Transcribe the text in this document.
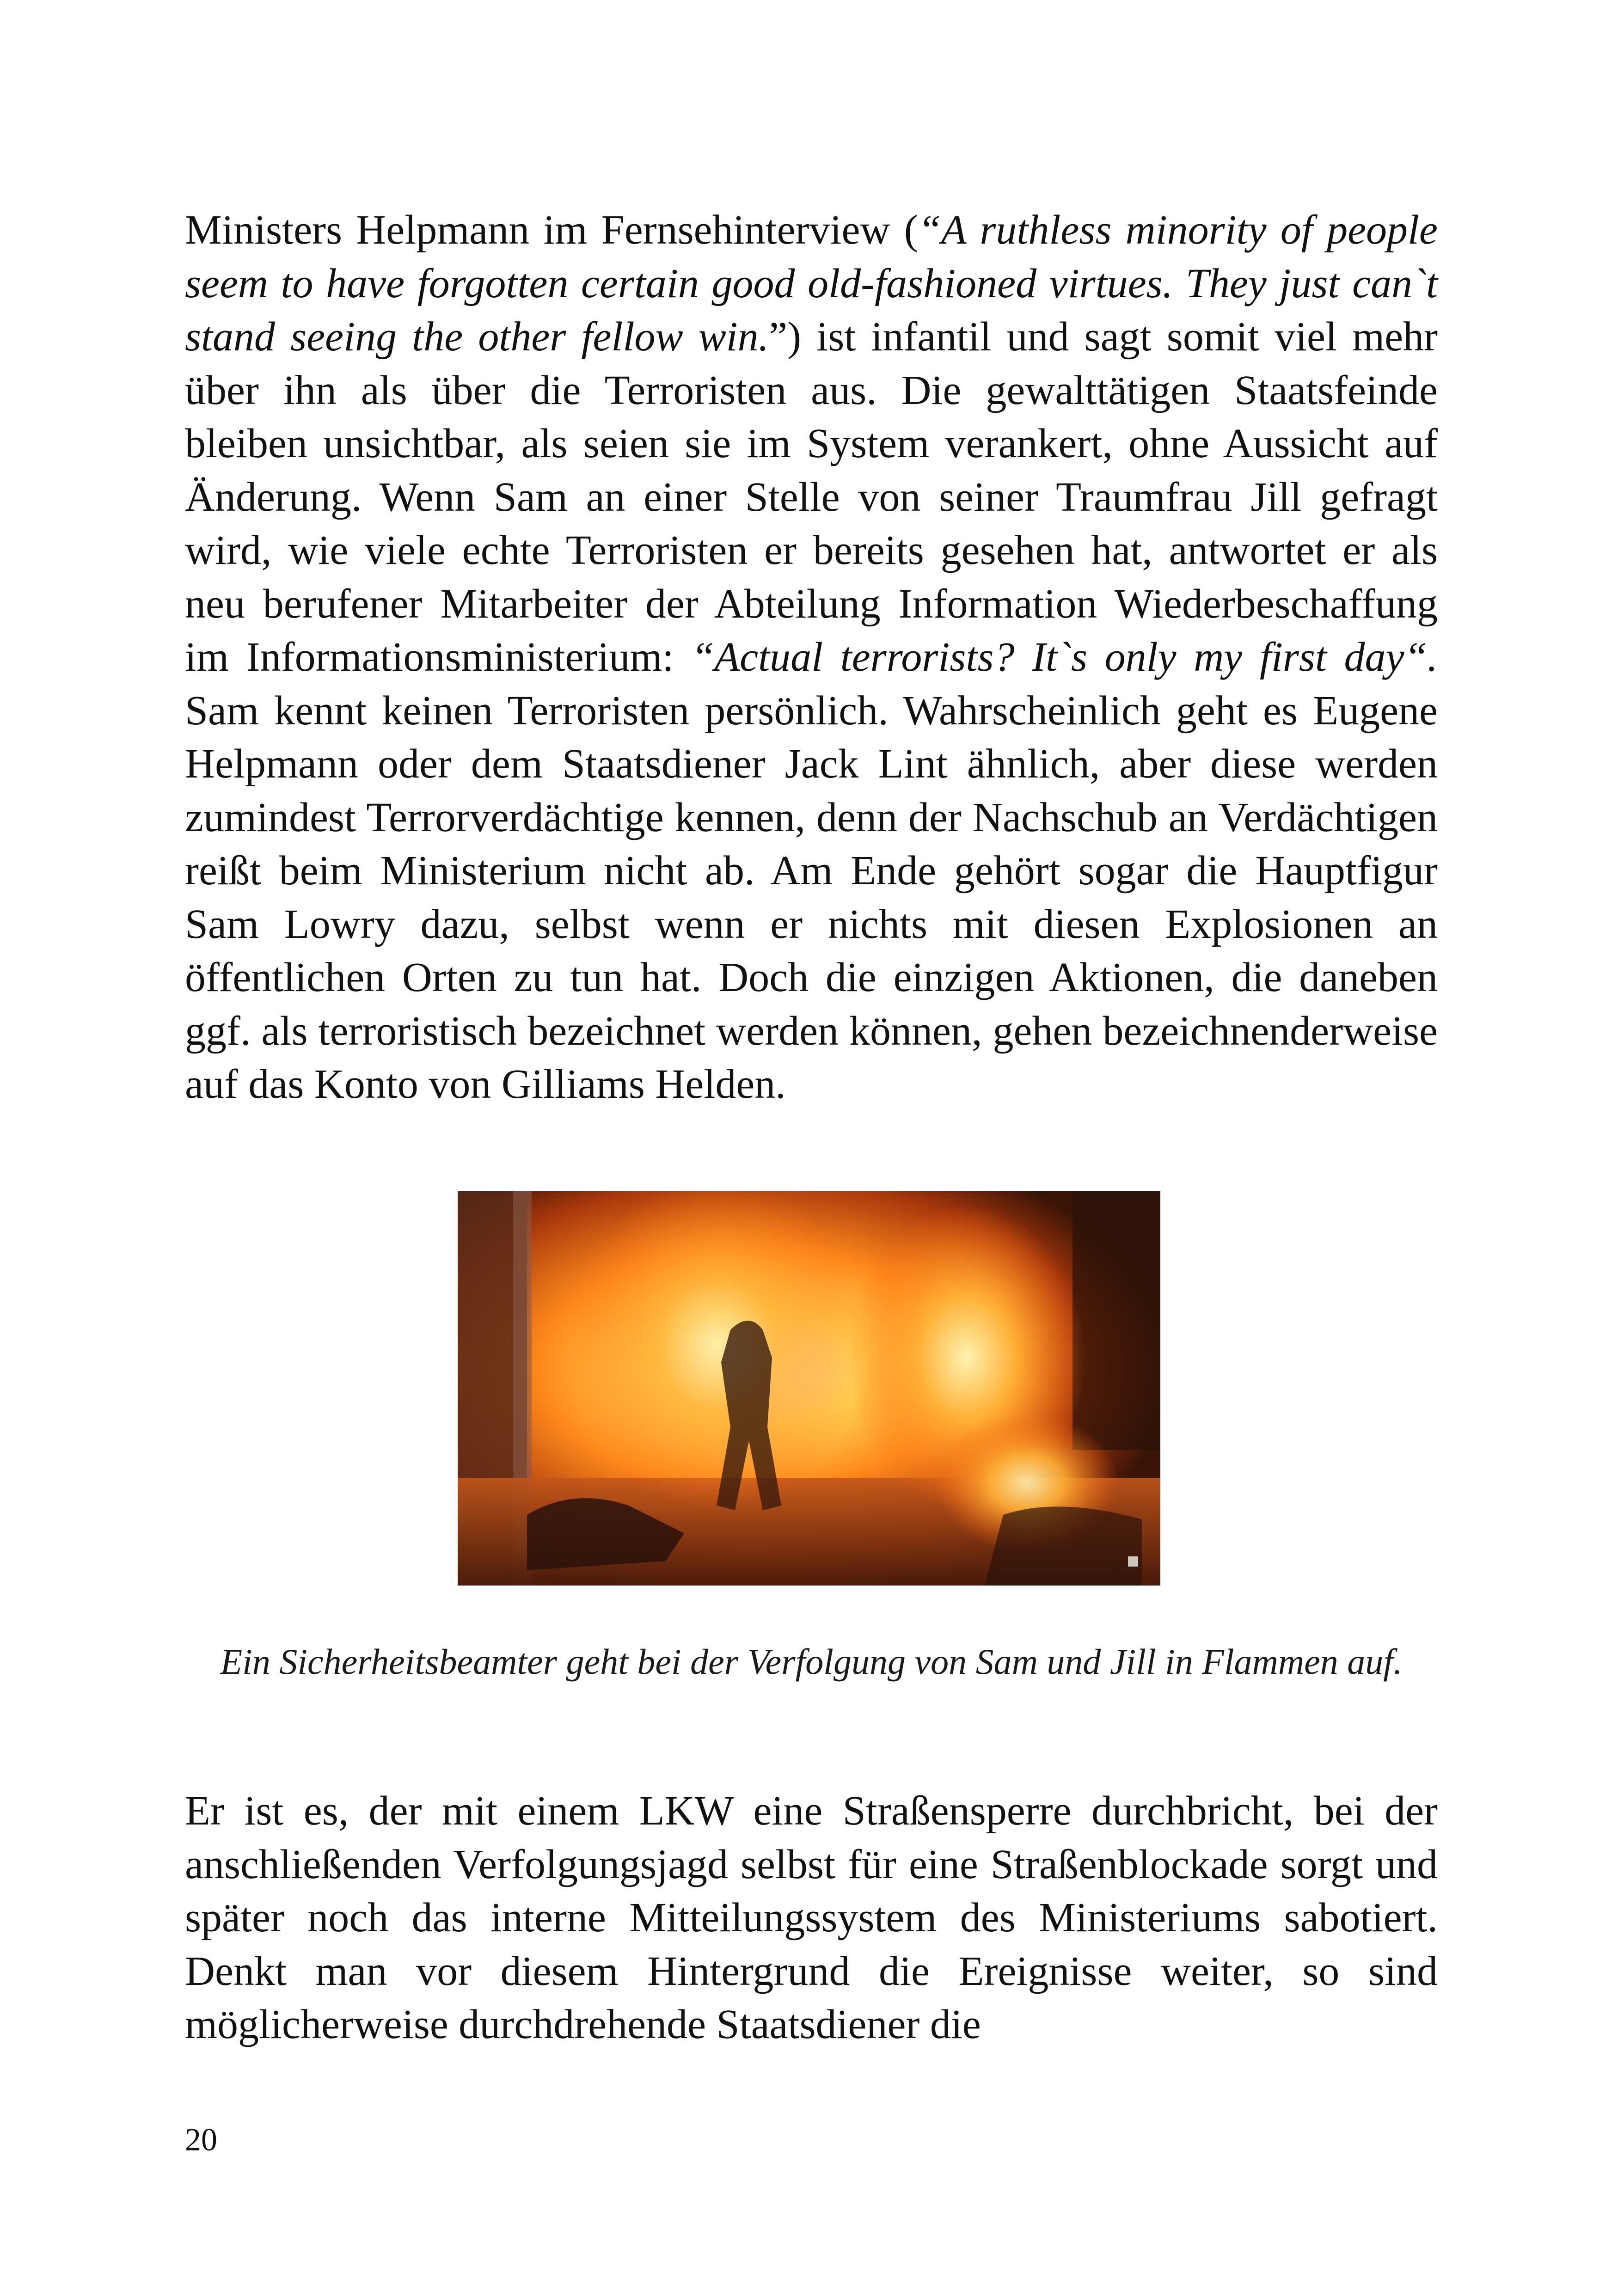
Ministers Helpmann im Fernsehinterview (“A ruthless minority of people seem to have forgotten certain good old-fashioned virtues. They just can`t stand seeing the other fellow win.”) ist infantil und sagt somit viel mehr über ihn als über die Terroristen aus. Die gewalttätigen Staatsfeinde bleiben unsichtbar, als seien sie im System verankert, ohne Aussicht auf Änderung. Wenn Sam an einer Stelle von seiner Traumfrau Jill gefragt wird, wie viele echte Terroristen er bereits gesehen hat, antwortet er als neu berufener Mitarbeiter der Abteilung Information Wiederbeschaffung im Informationsministerium: “Actual terrorists? It`s only my first day“. Sam kennt keinen Terroristen persönlich. Wahrscheinlich geht es Eugene Helpmann oder dem Staatsdiener Jack Lint ähnlich, aber diese werden zumindest Terrorverdächtige kennen, denn der Nachschub an Verdächtigen reißt beim Ministerium nicht ab. Am Ende gehört sogar die Hauptfigur Sam Lowry dazu, selbst wenn er nichts mit diesen Explosionen an öffentlichen Orten zu tun hat. Doch die einzigen Aktionen, die daneben ggf. als terroristisch bezeichnet werden können, gehen bezeichnenderweise auf das Konto von Gilliams Helden.

Ein Sicherheitsbeamter geht bei der Verfolgung von Sam und Jill in Flammen auf.

Er ist es, der mit einem LKW eine Straßensperre durchbricht, bei der anschließenden Verfolgungsjagd selbst für eine Straßenblockade sorgt und später noch das interne Mitteilungssystem des Ministeriums sabotiert. Denkt man vor diesem Hintergrund die Ereignisse weiter, so sind möglicherweise durchdrehende Staatsdiener die

20
